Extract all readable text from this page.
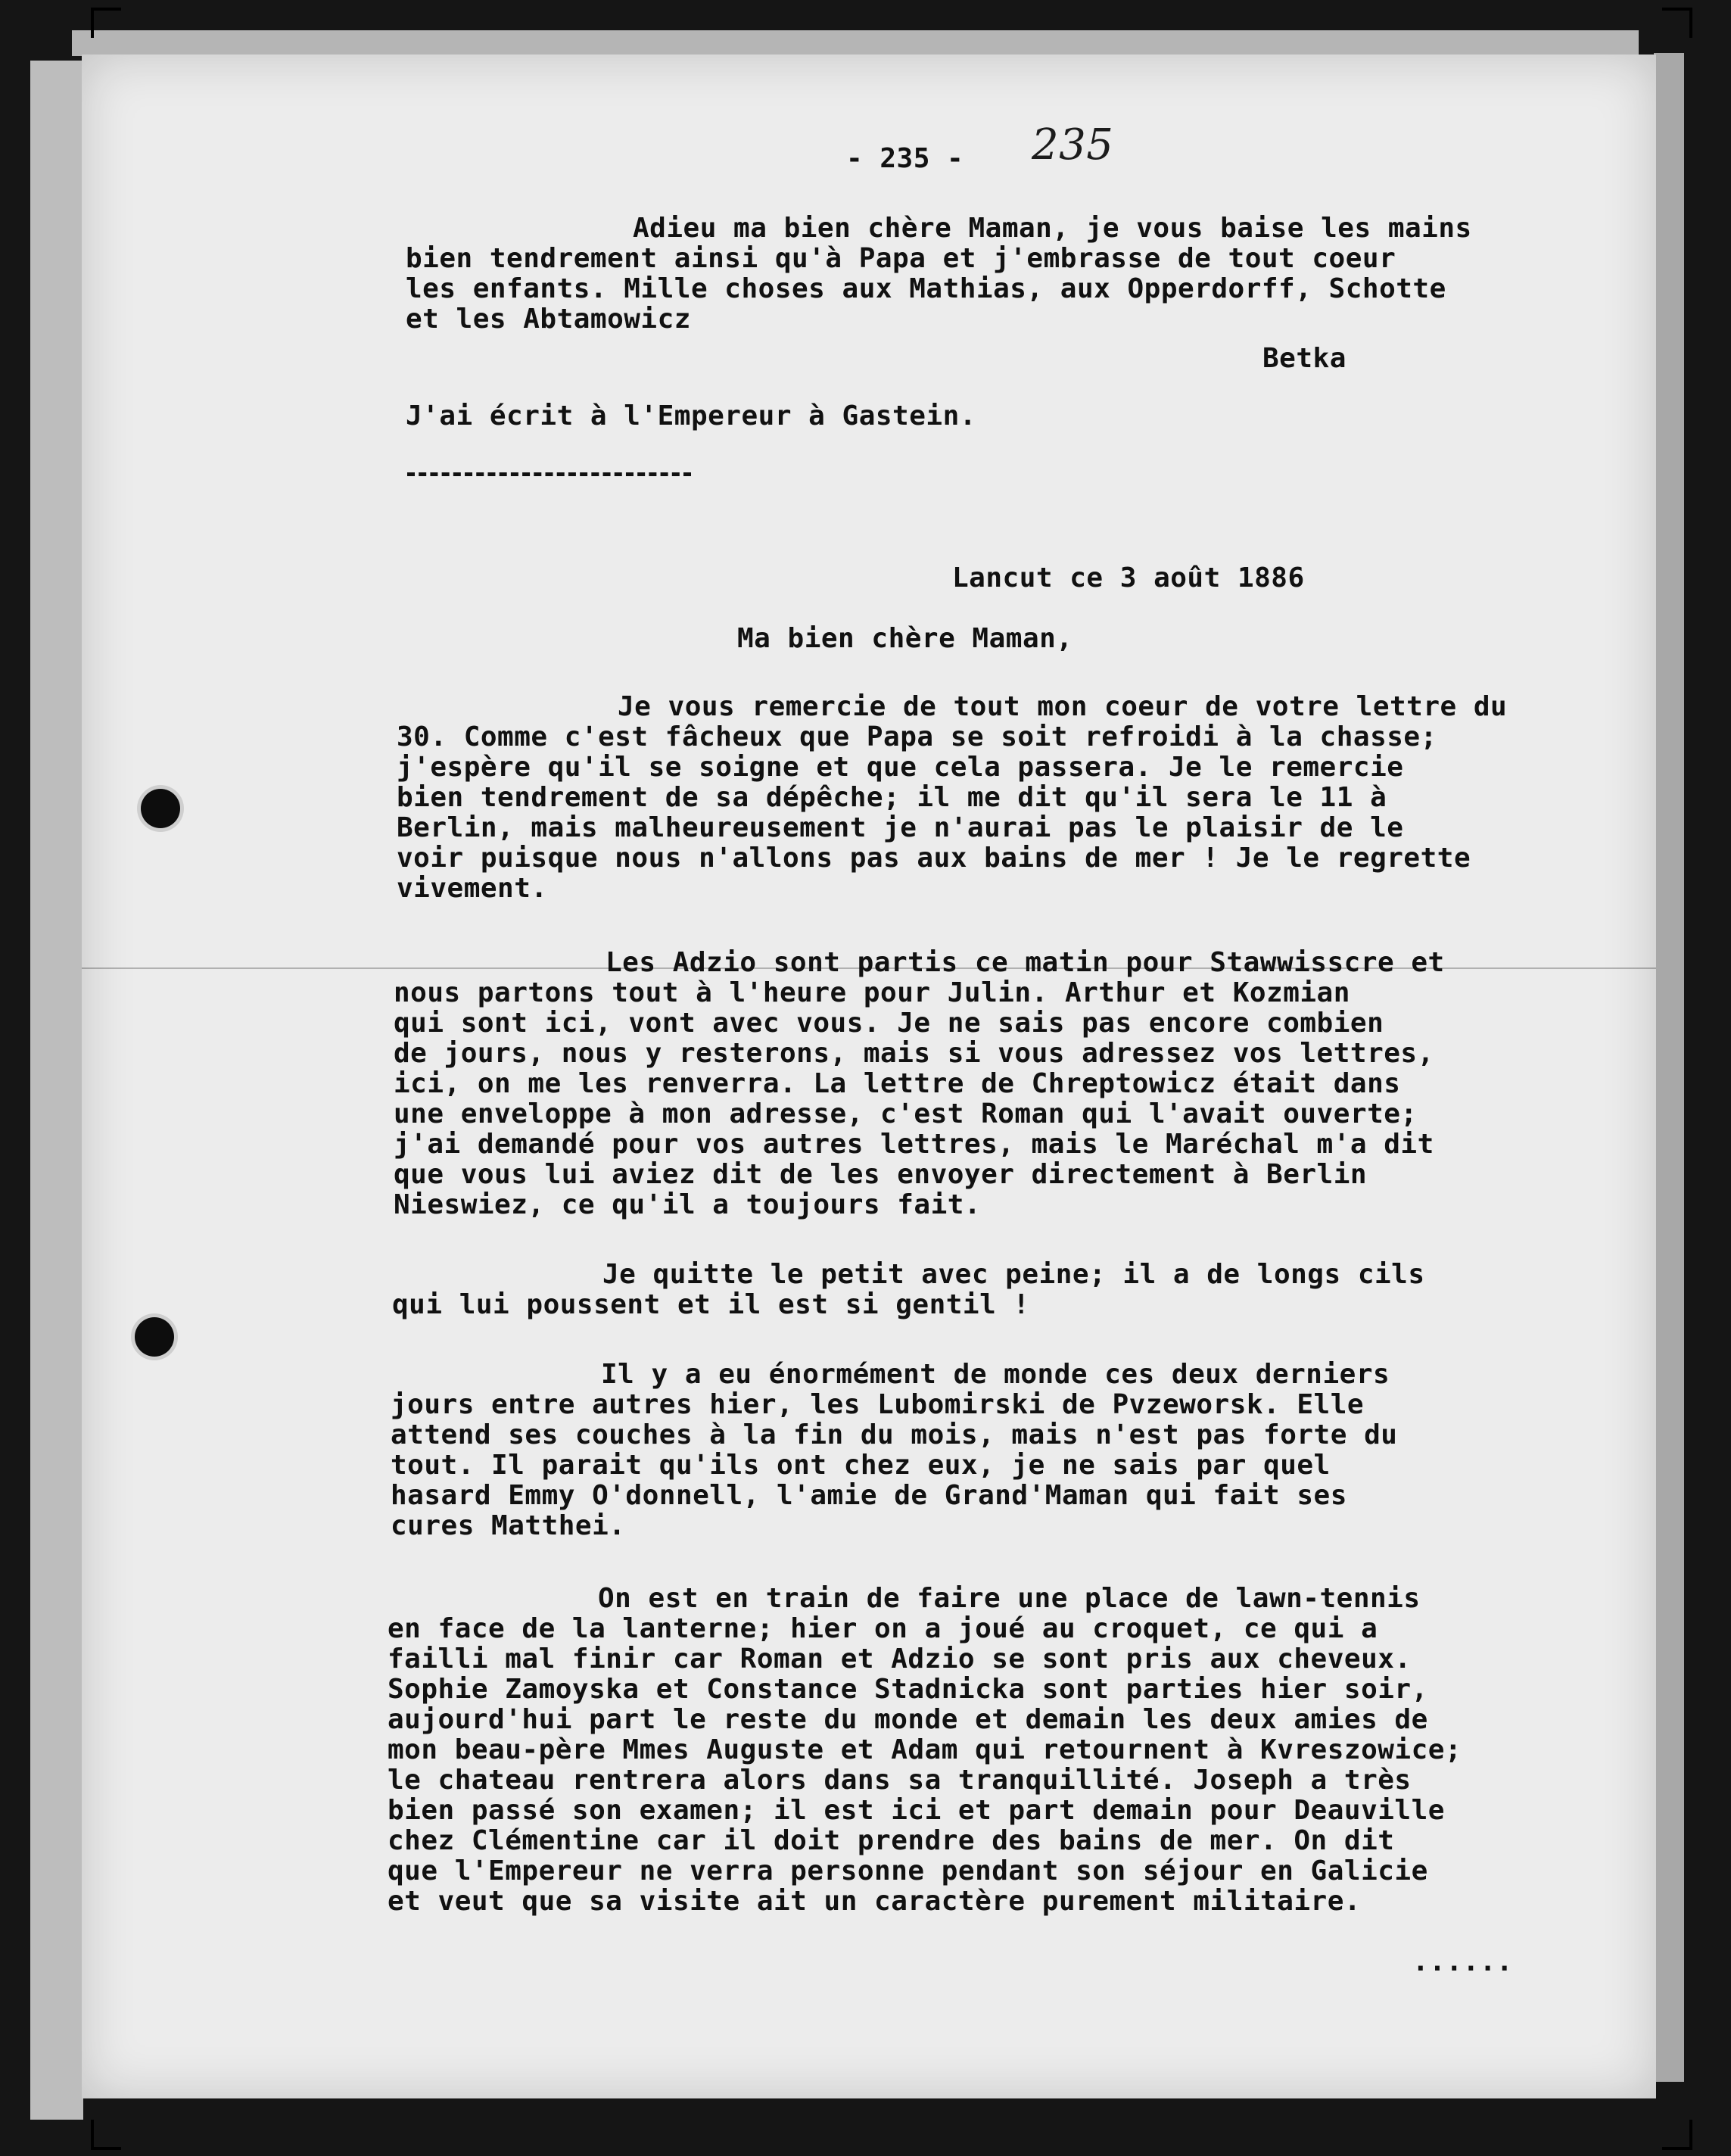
- 235 - 235
Adieu ma bien chère Maman, je vous baise les mains
bien tendrement ainsi qu'à Papa et j'embrasse de tout coeur
les enfants. Mille choses aux Mathias, aux Opperdorff, Schotte
et les Abtamowicz
Betka
J'ai écrit à l'Empereur à Gastein.
Lancut ce 3 août 1886
Ma bien chère Maman,
Je vous remercie de tout mon coeur de votre lettre du
30. Comme c'est fâcheux que Papa se soit refroidi à la chasse;
j'espère qu'il se soigne et que cela passera. Je le remercie
bien tendrement de sa dépêche; il me dit qu'il sera le 11 à
Berlin, mais malheureusement je n'aurai pas le plaisir de le
voir puisque nous n'allons pas aux bains de mer ! Je le regrette
vivement.
Les Adzio sont partis ce matin pour Stawwisscre et
nous partons tout à l'heure pour Julin. Arthur et Kozmian
qui sont ici, vont avec vous. Je ne sais pas encore combien
de jours, nous y resterons, mais si vous adressez vos lettres,
ici, on me les renverra. La lettre de Chreptowicz était dans
une enveloppe à mon adresse, c'est Roman qui l'avait ouverte;
j'ai demandé pour vos autres lettres, mais le Maréchal m'a dit
que vous lui aviez dit de les envoyer directement à Berlin
Nieswiez, ce qu'il a toujours fait.
Je quitte le petit avec peine; il a de longs cils
qui lui poussent et il est si gentil !
Il y a eu énormément de monde ces deux derniers
jours entre autres hier, les Lubomirski de Pvzeworsk. Elle
attend ses couches à la fin du mois, mais n'est pas forte du
tout. Il parait qu'ils ont chez eux, je ne sais par quel
hasard Emmy O'donnell, l'amie de Grand'Maman qui fait ses
cures Matthei.
On est en train de faire une place de lawn-tennis
en face de la lanterne; hier on a joué au croquet, ce qui a
failli mal finir car Roman et Adzio se sont pris aux cheveux.
Sophie Zamoyska et Constance Stadnicka sont parties hier soir,
aujourd'hui part le reste du monde et demain les deux amies de
mon beau-père Mmes Auguste et Adam qui retournent à Kvreszowice;
le chateau rentrera alors dans sa tranquillité. Joseph a très
bien passé son examen; il est ici et part demain pour Deauville
chez Clémentine car il doit prendre des bains de mer. On dit
que l'Empereur ne verra personne pendant son séjour en Galicie
et veut que sa visite ait un caractère purement militaire.
......
